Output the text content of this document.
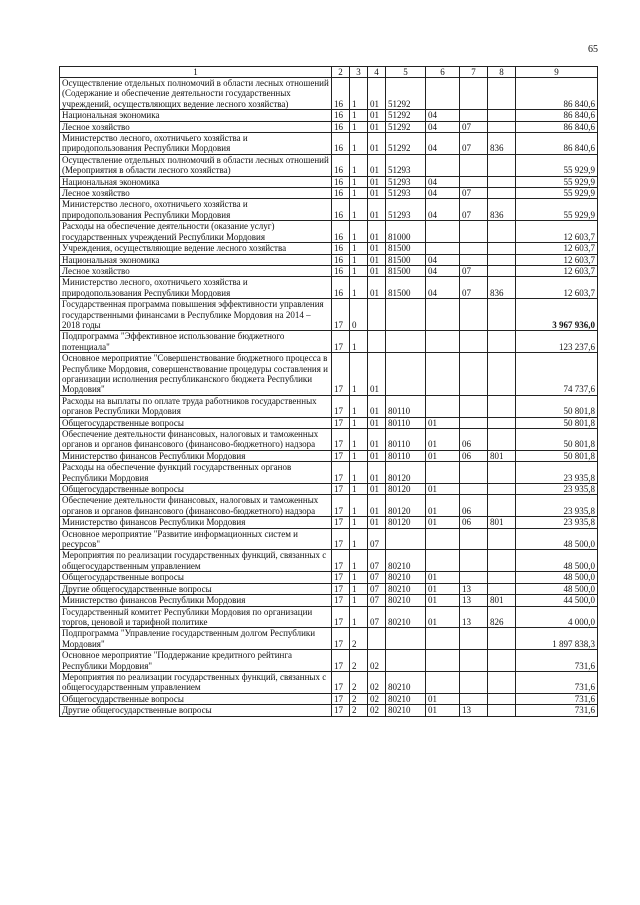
65
1	2	3	4	5	6	7	8	9
Осуществление отдельных полномочий в области лесных отношений (Содержание и обеспечение деятельности государственных учреждений, осуществляющих ведение лесного хозяйства)	16	1	01	51292				86 840,6
Национальная экономика	16	1	01	51292	04			86 840,6
Лесное хозяйство	16	1	01	51292	04	07		86 840,6
Министерство лесного, охотничьего хозяйства и природопользования Республики Мордовия	16	1	01	51292	04	07	836	86 840,6
Осуществление отдельных полномочий в области лесных отношений (Мероприятия в области лесного хозяйства)	16	1	01	51293				55 929,9
Национальная экономика	16	1	01	51293	04			55 929,9
Лесное хозяйство	16	1	01	51293	04	07		55 929,9
Министерство лесного, охотничьего хозяйства и природопользования Республики Мордовия	16	1	01	51293	04	07	836	55 929,9
Расходы на обеспечение деятельности (оказание услуг) государственных учреждений Республики Мордовия	16	1	01	81000				12 603,7
Учреждения, осуществляющие ведение лесного хозяйства	16	1	01	81500				12 603,7
Национальная экономика	16	1	01	81500	04			12 603,7
Лесное хозяйство	16	1	01	81500	04	07		12 603,7
Министерство лесного, охотничьего хозяйства и природопользования Республики Мордовия	16	1	01	81500	04	07	836	12 603,7
Государственная программа повышения эффективности управления государственными финансами в Республике Мордовия на 2014 – 2018 годы	17	0						3 967 936,0
Подпрограмма "Эффективное использование бюджетного потенциала"	17	1						123 237,6
Основное мероприятие "Совершенствование бюджетного процесса в Республике Мордовия, совершенствование процедуры составления и организации исполнения республиканского бюджета Республики Мордовия"	17	1	01					74 737,6
Расходы на выплаты по оплате труда работников государственных органов Республики Мордовия	17	1	01	80110				50 801,8
Общегосударственные вопросы	17	1	01	80110	01			50 801,8
Обеспечение деятельности финансовых, налоговых и таможенных органов и органов финансового (финансово-бюджетного) надзора	17	1	01	80110	01	06		50 801,8
Министерство финансов Республики Мордовия	17	1	01	80110	01	06	801	50 801,8
Расходы на обеспечение функций государственных органов Республики Мордовия	17	1	01	80120				23 935,8
Общегосударственные вопросы	17	1	01	80120	01			23 935,8
Обеспечение деятельности финансовых, налоговых и таможенных органов и органов финансового (финансово-бюджетного) надзора	17	1	01	80120	01	06		23 935,8
Министерство финансов Республики Мордовия	17	1	01	80120	01	06	801	23 935,8
Основное мероприятие "Развитие информационных систем и ресурсов"	17	1	07					48 500,0
Мероприятия по реализации государственных функций, связанных с общегосударственным управлением	17	1	07	80210				48 500,0
Общегосударственные вопросы	17	1	07	80210	01			48 500,0
Другие общегосударственные вопросы	17	1	07	80210	01	13		48 500,0
Министерство финансов Республики Мордовия	17	1	07	80210	01	13	801	44 500,0
Государственный комитет Республики Мордовия по организации торгов, ценовой и тарифной политике	17	1	07	80210	01	13	826	4 000,0
Подпрограмма "Управление государственным долгом Республики Мордовия"	17	2						1 897 838,3
Основное мероприятие "Поддержание кредитного рейтинга Республики Мордовия"	17	2	02					731,6
Мероприятия по реализации государственных функций, связанных с общегосударственным управлением	17	2	02	80210				731,6
Общегосударственные вопросы	17	2	02	80210	01			731,6
Другие общегосударственные вопросы	17	2	02	80210	01	13		731,6
